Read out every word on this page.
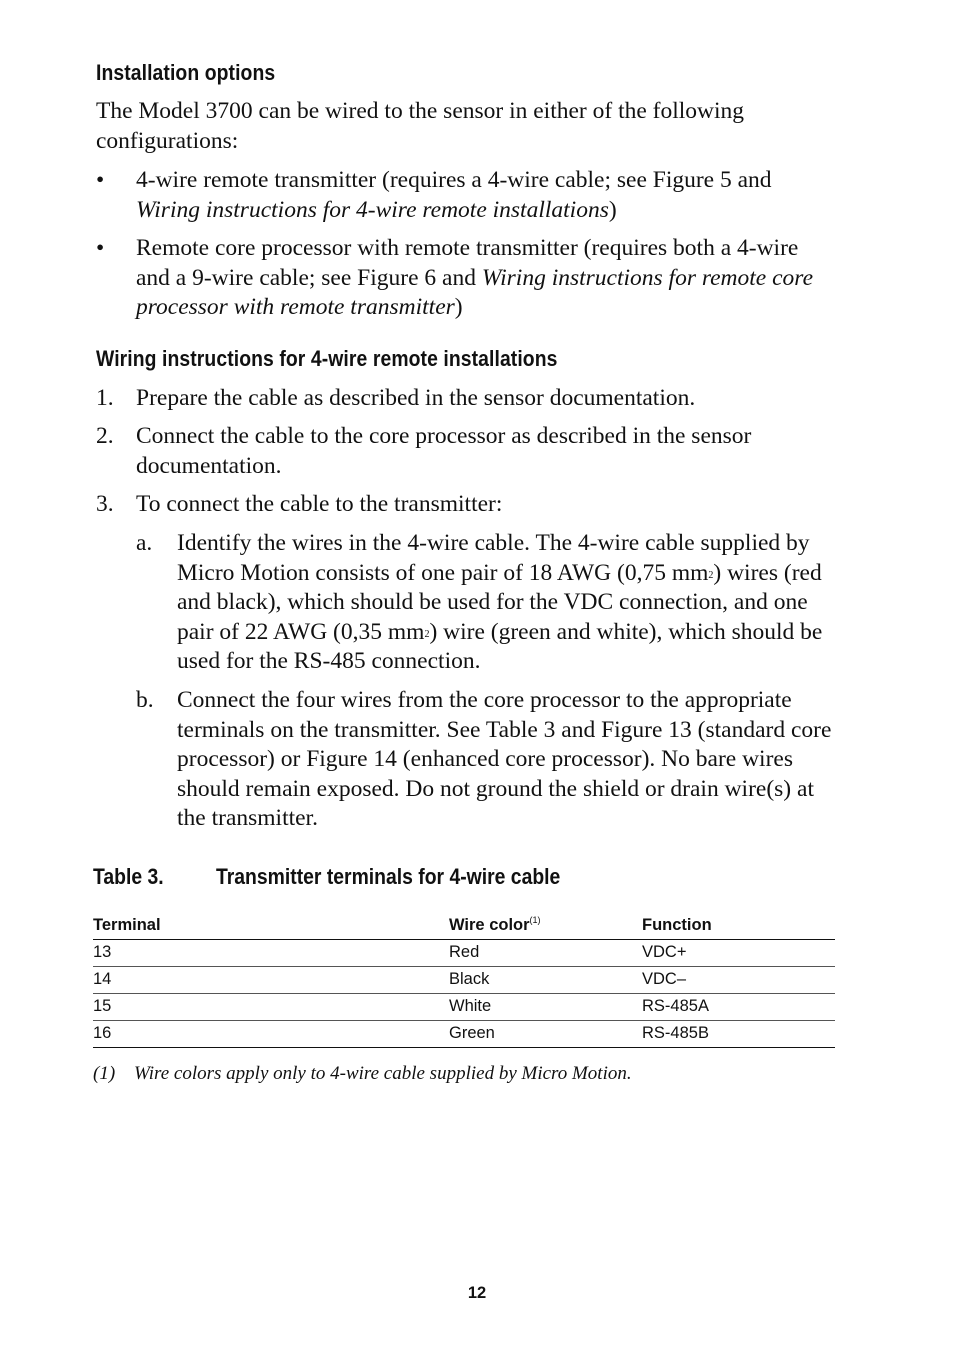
Installation options
The Model 3700 can be wired to the sensor in either of the following configurations:
• 4-wire remote transmitter (requires a 4-wire cable; see Figure 5 and Wiring instructions for 4-wire remote installations)
• Remote core processor with remote transmitter (requires both a 4-wire and a 9-wire cable; see Figure 6 and Wiring instructions for remote core processor with remote transmitter)
Wiring instructions for 4-wire remote installations
1. Prepare the cable as described in the sensor documentation.
2. Connect the cable to the core processor as described in the sensor documentation.
3. To connect the cable to the transmitter:
a. Identify the wires in the 4-wire cable. The 4-wire cable supplied by Micro Motion consists of one pair of 18 AWG (0,75 $mm^2$) wires (red and black), which should be used for the VDC connection, and one pair of 22 AWG (0,35 $mm^2$) wire (green and white), which should be used for the RS-485 connection.
b. Connect the four wires from the core processor to the appropriate terminals on the transmitter. See Table 3 and Figure 13 (standard core processor) or Figure 14 (enhanced core processor). No bare wires should remain exposed. Do not ground the shield or drain wire(s) at the transmitter.
Table 3. Transmitter terminals for 4-wire cable
Terminal	Wire color$^{(1)}$	Function
13	Red	VDC+
14	Black	VDC–
15	White	RS-485A
16	Green	RS-485B
(1) Wire colors apply only to 4-wire cable supplied by Micro Motion.
12
